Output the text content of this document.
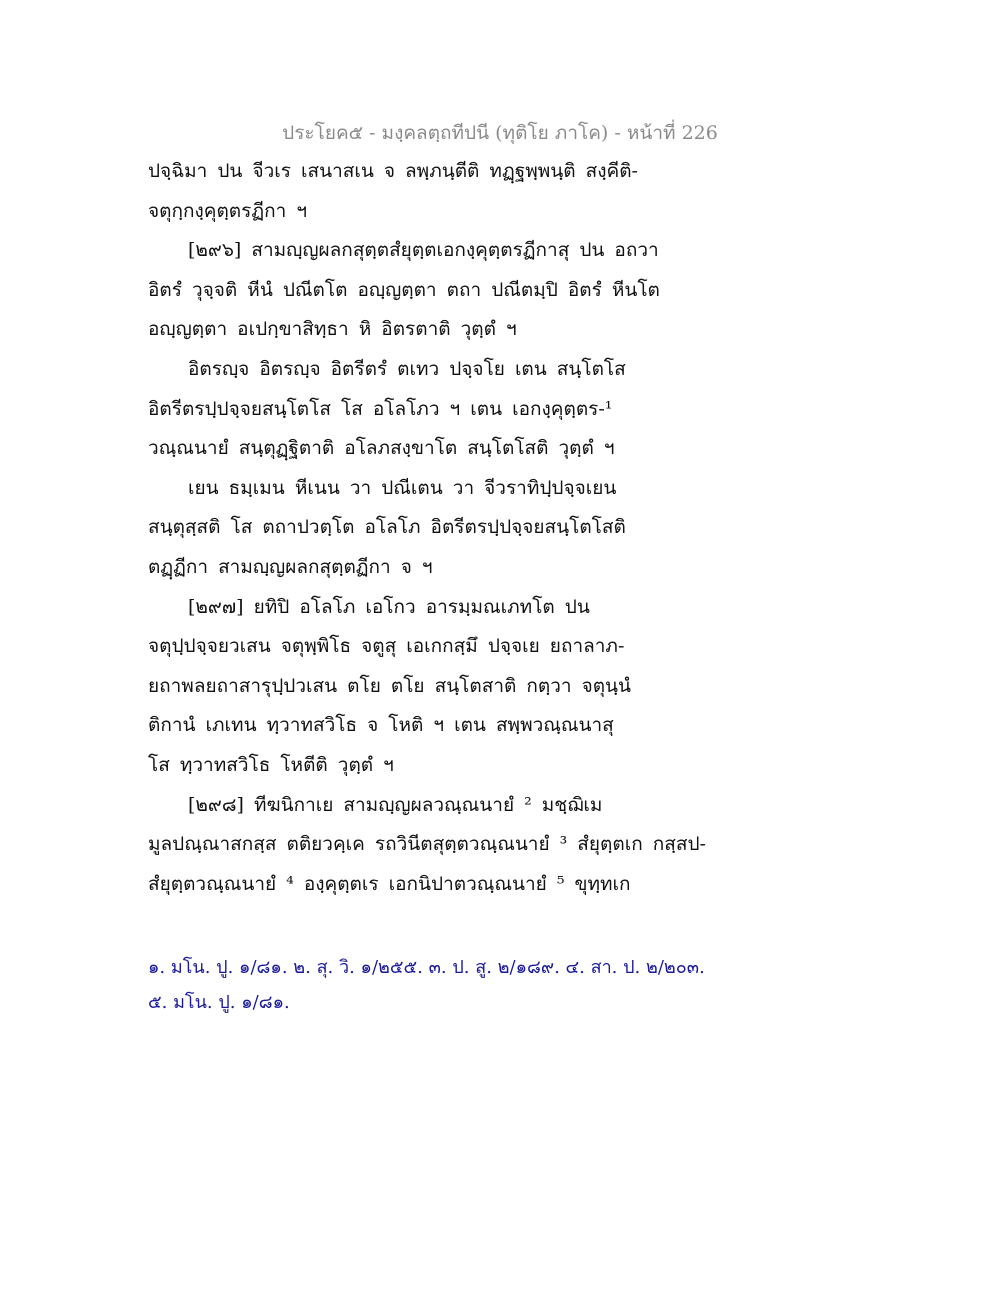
ประโยค๕ - มงฺคลตฺถทีปนี (ทุติโย ภาโค) - หน้าที่ 226
ปจฺฉิมา ปน จีวเร เสนาสเน จ ลพฺภนฺตีติ ทฏฺฐพฺพนฺติ สงฺคีติ-
จตุกฺกงฺคุตฺตรฏีกา ฯ
[๒๙๖] สามญฺญผลกสุตฺตสํยุตฺตเอกงฺคุตฺตรฏีกาสุ ปน อถวา
อิตรํ วุจฺจติ หีนํ ปณีตโต อญฺญตฺตา ตถา ปณีตมฺปิ อิตรํ หีนโต
อญฺญตฺตา อเปกฺขาสิทฺธา หิ อิตรตาติ วุตฺตํ ฯ
อิตรญฺจ อิตรญฺจ อิตรีตรํ ตเทว ปจฺจโย เตน สนฺโตโส
อิตรีตรปฺปจฺจยสนฺโตโส โส อโลโภว ฯ เตน เอกงฺคุตฺตร-¹
วณฺณนายํ สนฺตุฏฺฐิตาติ อโลภสงฺขาโต สนฺโตโสติ วุตฺตํ ฯ
เยน ธมฺเมน หีเนน วา ปณีเตน วา จีวราทิปฺปจฺจเยน
สนฺตุสฺสติ โส ตถาปวตฺโต อโลโภ อิตรีตรปฺปจฺจยสนฺโตโสติ
ตฏฺฏีกา สามญฺญผลกสุตฺตฏีกา จ ฯ
[๒๙๗] ยทิปิ อโลโภ เอโกว อารมฺมณเภทโต ปน
จตุปฺปจฺจยวเสน จตุพฺพิโธ จตูสุ เอเกกสฺมึ ปจฺจเย ยถาลาภ-
ยถาพลยถาสารุปฺปวเสน ตโย ตโย สนฺโตสาติ กตฺวา จตุนฺนํ
ติกานํ เภเทน ทฺวาทสวิโธ จ โหติ ฯ เตน สพฺพวณฺณนาสุ
โส ทฺวาทสวิโธ โหตีติ วุตฺตํ ฯ
[๒๙๘] ทีฆนิกาเย สามญฺญผลวณฺณนายํ ² มชฺฌิเม
มูลปณฺณาสกสฺส ตติยวคฺเค รถวินีตสุตฺตวณฺณนายํ ³ สํยุตฺตเก กสฺสป-
สํยุตฺตวณฺณนายํ ⁴ องฺคุตฺตเร เอกนิปาตวณฺณนายํ ⁵ ขุทฺทเก
๑. มโน. ปู. ๑/๘๑. ๒. สุ. วิ. ๑/๒๕๕. ๓. ป. สู. ๒/๑๘๙. ๔. สา. ป. ๒/๒๐๓.
๕. มโน. ปู. ๑/๘๑.
